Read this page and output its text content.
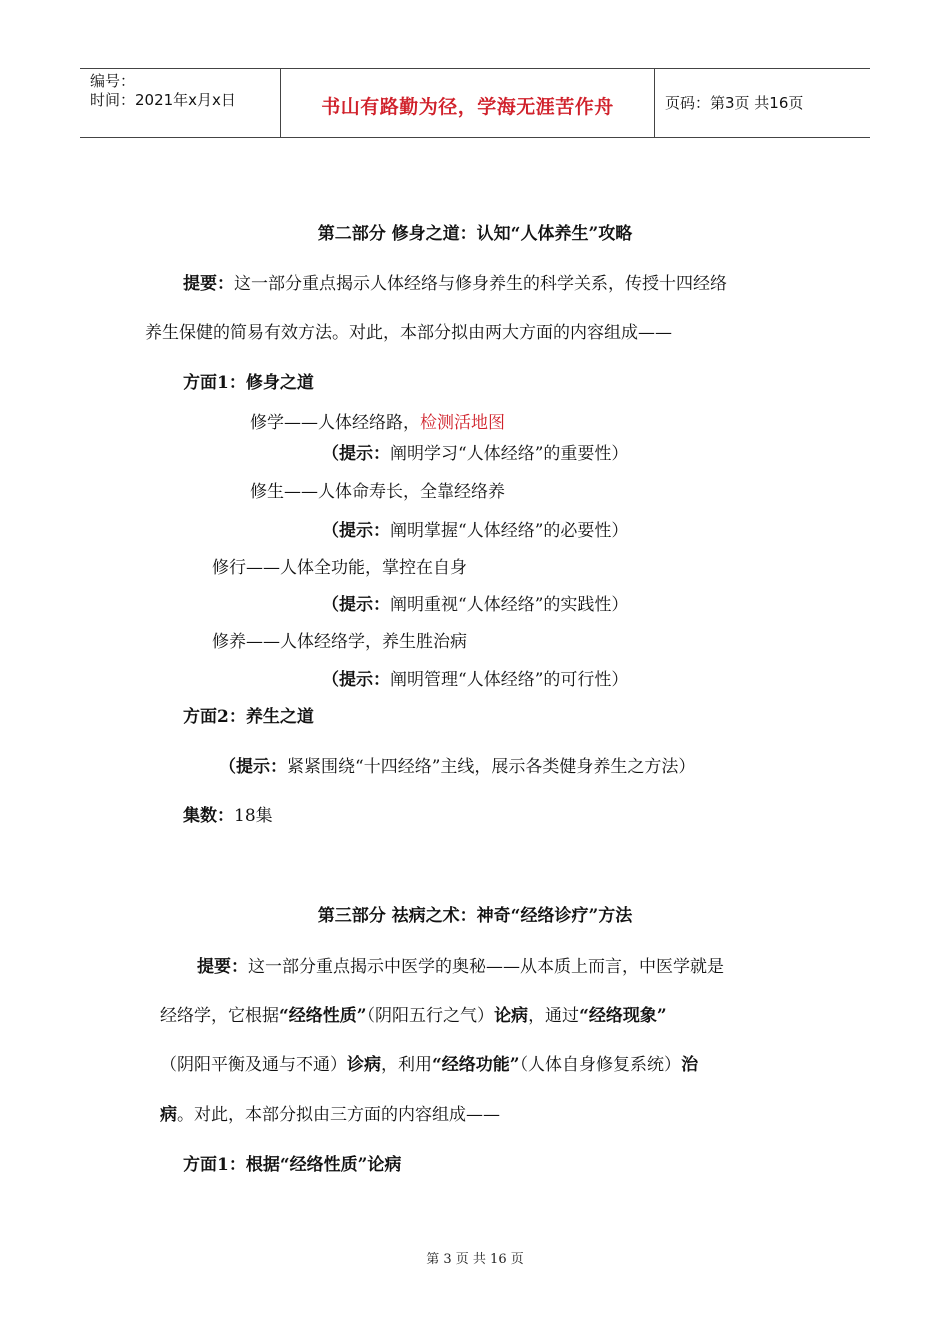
编号：
时间：2021年x月x日	书山有路勤为径，学海无涯苦作舟	页码：第3页 共16页
第二部分 修身之道：认知“人体养生”攻略
提要：这一部分重点揭示人体经络与修身养生的科学关系，传授十四经络
养生保健的简易有效方法。对此，本部分拟由两大方面的内容组成——
方面1：修身之道
修学——人体经络路，检测活地图
（提示：阐明学习“人体经络”的重要性）
修生——人体命寿长，全靠经络养
（提示：阐明掌握“人体经络”的必要性）
修行——人体全功能，掌控在自身
（提示：阐明重视“人体经络”的实践性）
修养——人体经络学，养生胜治病
（提示：阐明管理“人体经络”的可行性）
方面2：养生之道
（提示：紧紧围绕“十四经络”主线，展示各类健身养生之方法）
集数：18集
第三部分 祛病之术：神奇“经络诊疗”方法
提要：这一部分重点揭示中医学的奥秘——从本质上而言，中医学就是
经络学，它根据“经络性质”（阴阳五行之气）论病，通过“经络现象”
（阴阳平衡及通与不通）诊病，利用“经络功能”（人体自身修复系统）治
病。对此，本部分拟由三方面的内容组成——
方面1：根据“经络性质”论病
第 3 页 共 16 页
